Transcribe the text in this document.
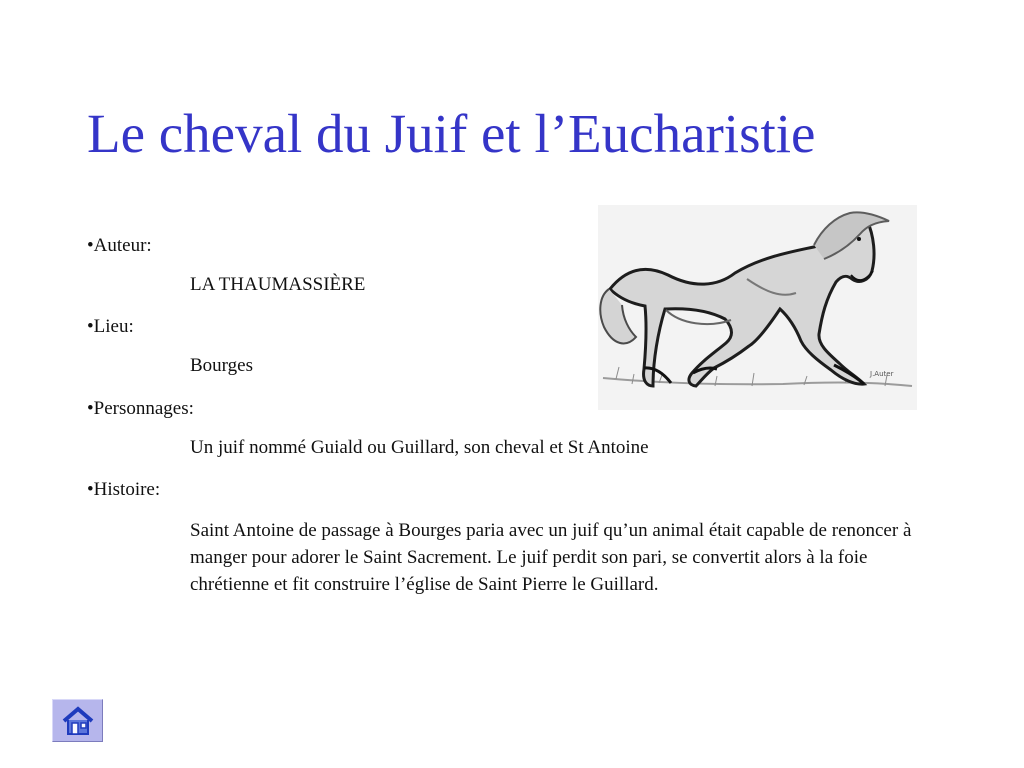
Le cheval du Juif et l’Eucharistie
•Auteur:
LA THAUMASSIÈRE
•Lieu:
Bourges
•Personnages:
Un juif nommé Guiald ou Guillard, son cheval et St Antoine
•Histoire:

Saint Antoine de passage à Bourges paria avec un juif qu’un animal était capable de renoncer à manger pour adorer le Saint Sacrement. Le juif perdit son pari, se convertit alors à la foie chrétienne et fit construire l’église de Saint Pierre le Guillard.

J.Auter
